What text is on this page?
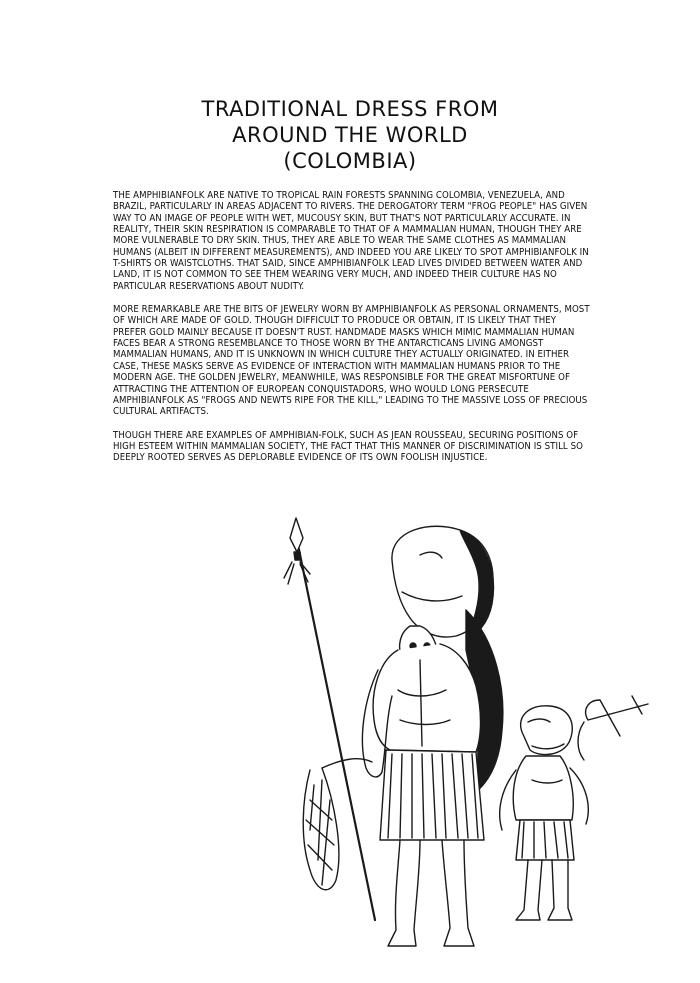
TRADITIONAL DRESS FROM
AROUND THE WORLD
(COLOMBIA)

THE AMPHIBIANFOLK ARE NATIVE TO TROPICAL RAIN FORESTS SPANNING COLOMBIA, VENEZUELA, AND BRAZIL, PARTICULARLY IN AREAS ADJACENT TO RIVERS. THE DEROGATORY TERM "FROG PEOPLE" HAS GIVEN WAY TO AN IMAGE OF PEOPLE WITH WET, MUCOUSY SKIN, BUT THAT'S NOT PARTICULARLY ACCURATE. IN REALITY, THEIR SKIN RESPIRATION IS COMPARABLE TO THAT OF A MAMMALIAN HUMAN, THOUGH THEY ARE MORE VULNERABLE TO DRY SKIN. THUS, THEY ARE ABLE TO WEAR THE SAME CLOTHES AS MAMMALIAN HUMANS (ALBEIT IN DIFFERENT MEASUREMENTS), AND INDEED YOU ARE LIKELY TO SPOT AMPHIBIANFOLK IN T-SHIRTS OR WAISTCLOTHS. THAT SAID, SINCE AMPHIBIANFOLK LEAD LIVES DIVIDED BETWEEN WATER AND LAND, IT IS NOT COMMON TO SEE THEM WEARING VERY MUCH, AND INDEED THEIR CULTURE HAS NO PARTICULAR RESERVATIONS ABOUT NUDITY.

MORE REMARKABLE ARE THE BITS OF JEWELRY WORN BY AMPHIBIANFOLK AS PERSONAL ORNAMENTS, MOST OF WHICH ARE MADE OF GOLD. THOUGH DIFFICULT TO PRODUCE OR OBTAIN, IT IS LIKELY THAT THEY PREFER GOLD MAINLY BECAUSE IT DOESN'T RUST. HANDMADE MASKS WHICH MIMIC MAMMALIAN HUMAN FACES BEAR A STRONG RESEMBLANCE TO THOSE WORN BY THE ANTARCTICANS LIVING AMONGST MAMMALIAN HUMANS, AND IT IS UNKNOWN IN WHICH CULTURE THEY ACTUALLY ORIGINATED. IN EITHER CASE, THESE MASKS SERVE AS EVIDENCE OF INTERACTION WITH MAMMALIAN HUMANS PRIOR TO THE MODERN AGE. THE GOLDEN JEWELRY, MEANWHILE, WAS RESPONSIBLE FOR THE GREAT MISFORTUNE OF ATTRACTING THE ATTENTION OF EUROPEAN CONQUISTADORS, WHO WOULD LONG PERSECUTE AMPHIBIANFOLK AS "FROGS AND NEWTS RIPE FOR THE KILL," LEADING TO THE MASSIVE LOSS OF PRECIOUS CULTURAL ARTIFACTS.

THOUGH THERE ARE EXAMPLES OF AMPHIBIAN-FOLK, SUCH AS JEAN ROUSSEAU, SECURING POSITIONS OF HIGH ESTEEM WITHIN MAMMALIAN SOCIETY, THE FACT THAT THIS MANNER OF DISCRIMINATION IS STILL SO DEEPLY ROOTED SERVES AS DEPLORABLE EVIDENCE OF ITS OWN FOOLISH INJUSTICE.
